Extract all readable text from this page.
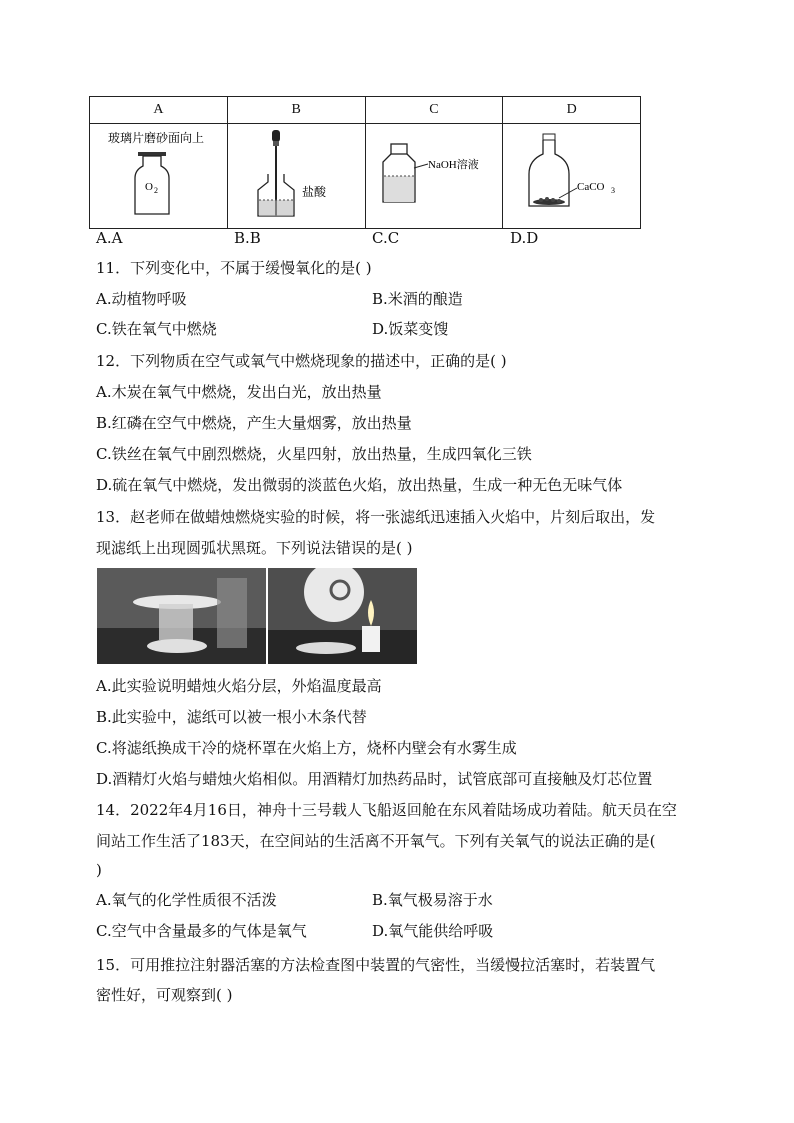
A	B	C	D

玻璃片磨砂面向上
O 2	盐酸	NaOH溶液	CaCO 3
A.A	B.B	C.C	D.D
11．下列变化中，不属于缓慢氧化的是( )
A.动植物呼吸	B.米酒的酿造
C.铁在氧气中燃烧	D.饭菜变馊
12．下列物质在空气或氧气中燃烧现象的描述中，正确的是( )
A.木炭在氧气中燃烧，发出白光，放出热量
B.红磷在空气中燃烧，产生大量烟雾，放出热量
C.铁丝在氧气中剧烈燃烧，火星四射，放出热量，生成四氧化三铁
D.硫在氧气中燃烧，发出微弱的淡蓝色火焰，放出热量，生成一种无色无味气体
13．赵老师在做蜡烛燃烧实验的时候，将一张滤纸迅速插入火焰中，片刻后取出，发
现滤纸上出现圆弧状黑斑。下列说法错误的是( )
A.此实验说明蜡烛火焰分层，外焰温度最高
B.此实验中，滤纸可以被一根小木条代替
C.将滤纸换成干冷的烧杯罩在火焰上方，烧杯内壁会有水雾生成
D.酒精灯火焰与蜡烛火焰相似。用酒精灯加热药品时，试管底部可直接触及灯芯位置
14．2022年4月16日，神舟十三号载人飞船返回舱在东风着陆场成功着陆。航天员在空
间站工作生活了183天，在空间站的生活离不开氧气。下列有关氧气的说法正确的是(
)
A.氧气的化学性质很不活泼	B.氧气极易溶于水
C.空气中含量最多的气体是氧气	D.氧气能供给呼吸
15．可用推拉注射器活塞的方法检查图中装置的气密性，当缓慢拉活塞时，若装置气
密性好，可观察到( )
